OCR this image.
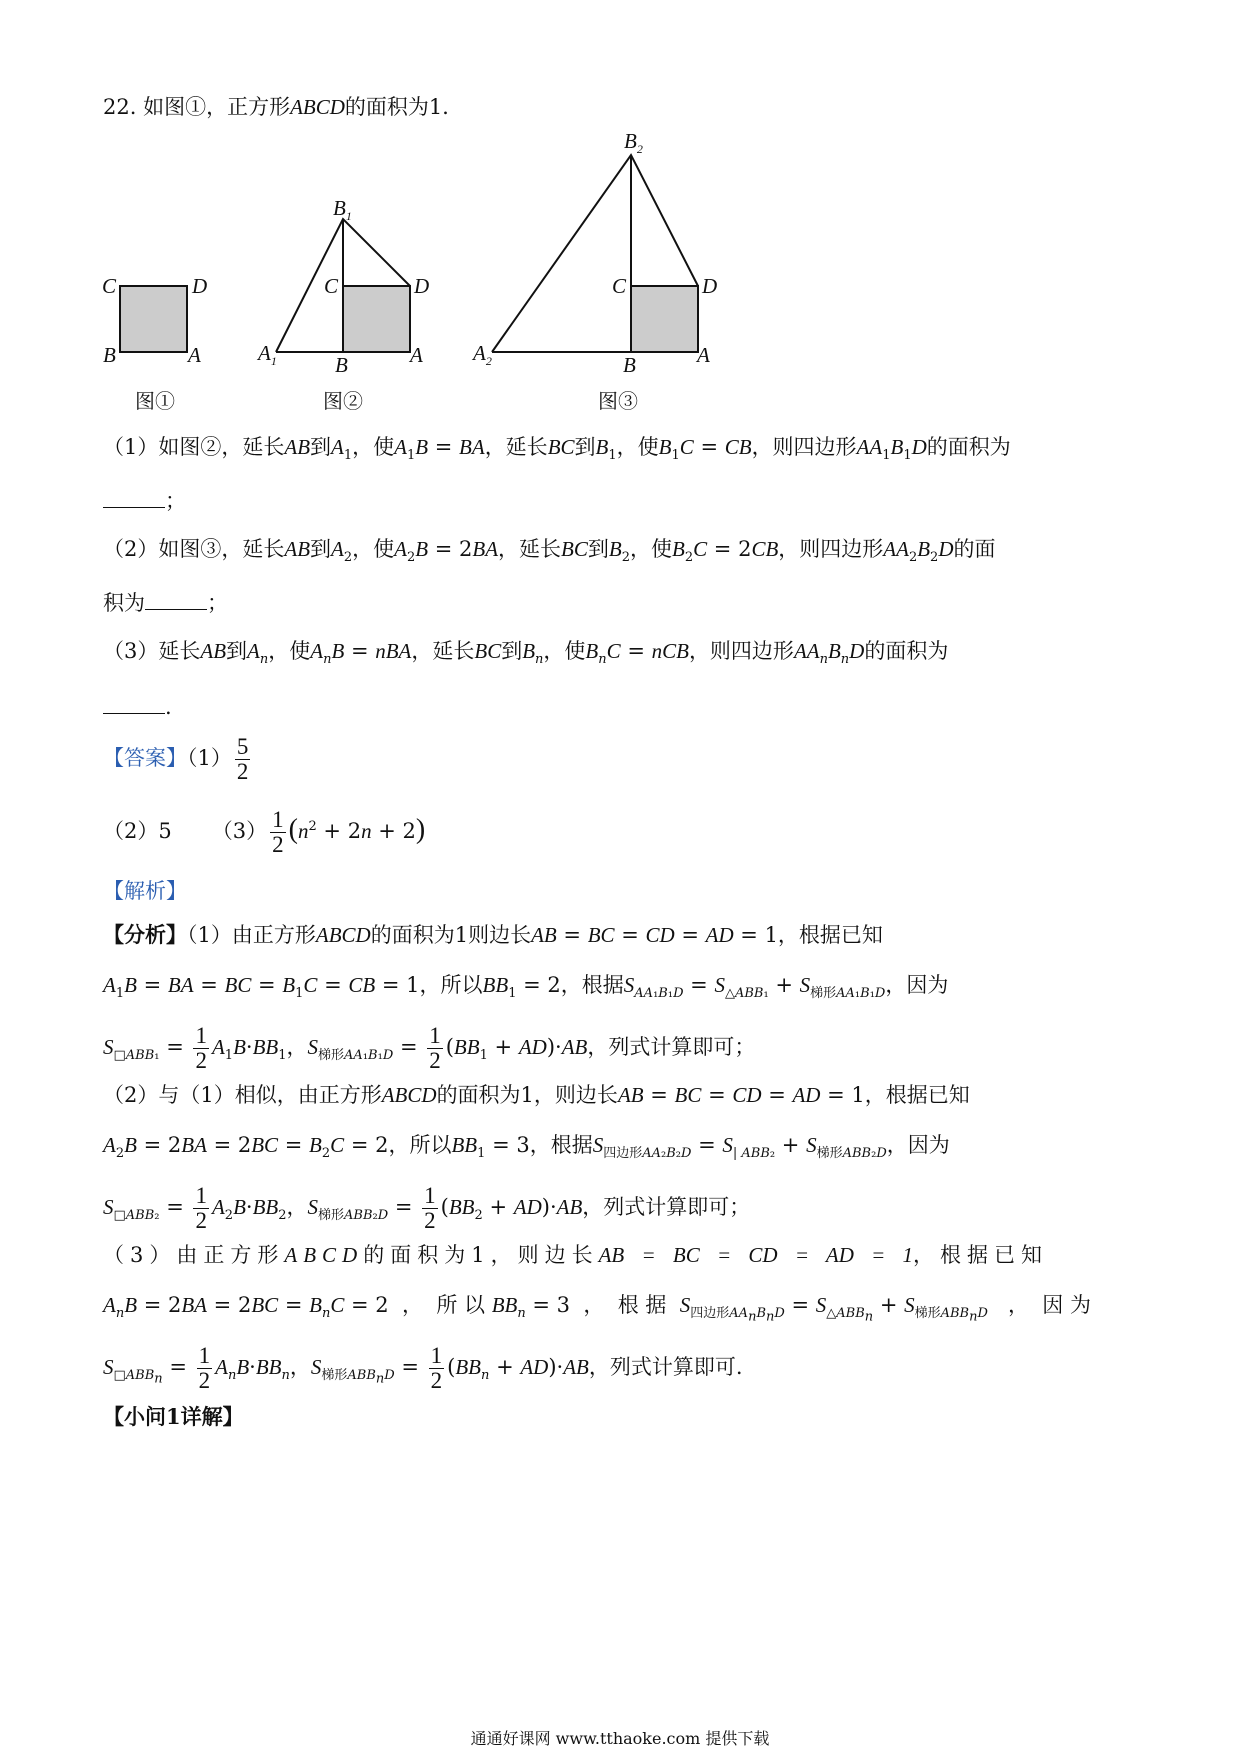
22. 如图①，正方形ABCD的面积为1．
C	D
B	A
图①
$B_1$
C	D
$A_1$	B	A
图②
$B_2$
C	D
$A_2$	B	A
图③
（1）如图②，延长AB到$A_1$，使$A_1B$ = BA，延长BC到$B_1$，使$B_1C$ = CB，则四边形$AA_1B_1D$的面积为
；
（2）如图③，延长AB到$A_2$，使$A_2B = 2BA$，延长BC到$B_2$，使$B_2C = 2CB$，则四边形$AA_2B_2D$的面
积为	；
（3）延长AB到$A_n$，使$A_nB$ = nBA，延长BC到$B_n$，使$B_nC$ = nCB，则四边形$AA_nB_nD$的面积为
.
【答案】$(1) \frac{5}{2}$
（2）5      $(3) \frac{1}{2} (n^2 + 2n + 2)$
【解析】
【分析】（1）由正方形ABCD的面积为1则边长AB = BC = CD = AD = 1，根据已知
$A_1B$ = BA = BC = $B_1C$ = CB = 1，所以$BB_1 = 2$，根据$S_{AA_1B_1D} = S_{\triangle ABB_1} + S_{梯形AA_1B_1D}$，因为
$S_{□ABB_1} = \frac{1}{2} A_1B\cdot BB_1$，$S_{梯形AA_1B_1D} = \frac{1}{2} (BB_1 + AD)\cdot AB$，列式计算即可；
（2）与（1）相似，由正方形ABCD的面积为1，则边长AB = BC = CD = AD = 1，根据已知
$A_2B = 2BA = 2BC = B_2C = 2$，所以$BB_1 = 3$，根据$S_{四边形AA_2B_2D} = S_{| ABB_2} + S_{梯形ABB_2D}$，因为
$S_{□ABB_2} = \frac{1}{2} A_2B\cdot BB_2$，$S_{梯形ABB_2D} = \frac{1}{2} (BB_2 + AD)\cdot AB$，列式计算即可；
（3）由正方形ABCD的面积为1，则边长AB = BC = CD = AD = 1，根据已知
$A_nB = 2BA = 2BC = B_nC = 2$  ，  所 以 $BB_n = 3$  ，  根 据  $S_{四边形AA_nB_nD} = S_{\triangle ABB_n} + S_{梯形ABB_nD}$   ，  因 为
$S_{□ABB_n} = \frac{1}{2} A_nB\cdot BB_n$，$S_{梯形ABB_nD} = \frac{1}{2} (BB_n + AD)\cdot AB$，列式计算即可.
【小问1详解】
通通好课网 www.tthaoke.com 提供下载
